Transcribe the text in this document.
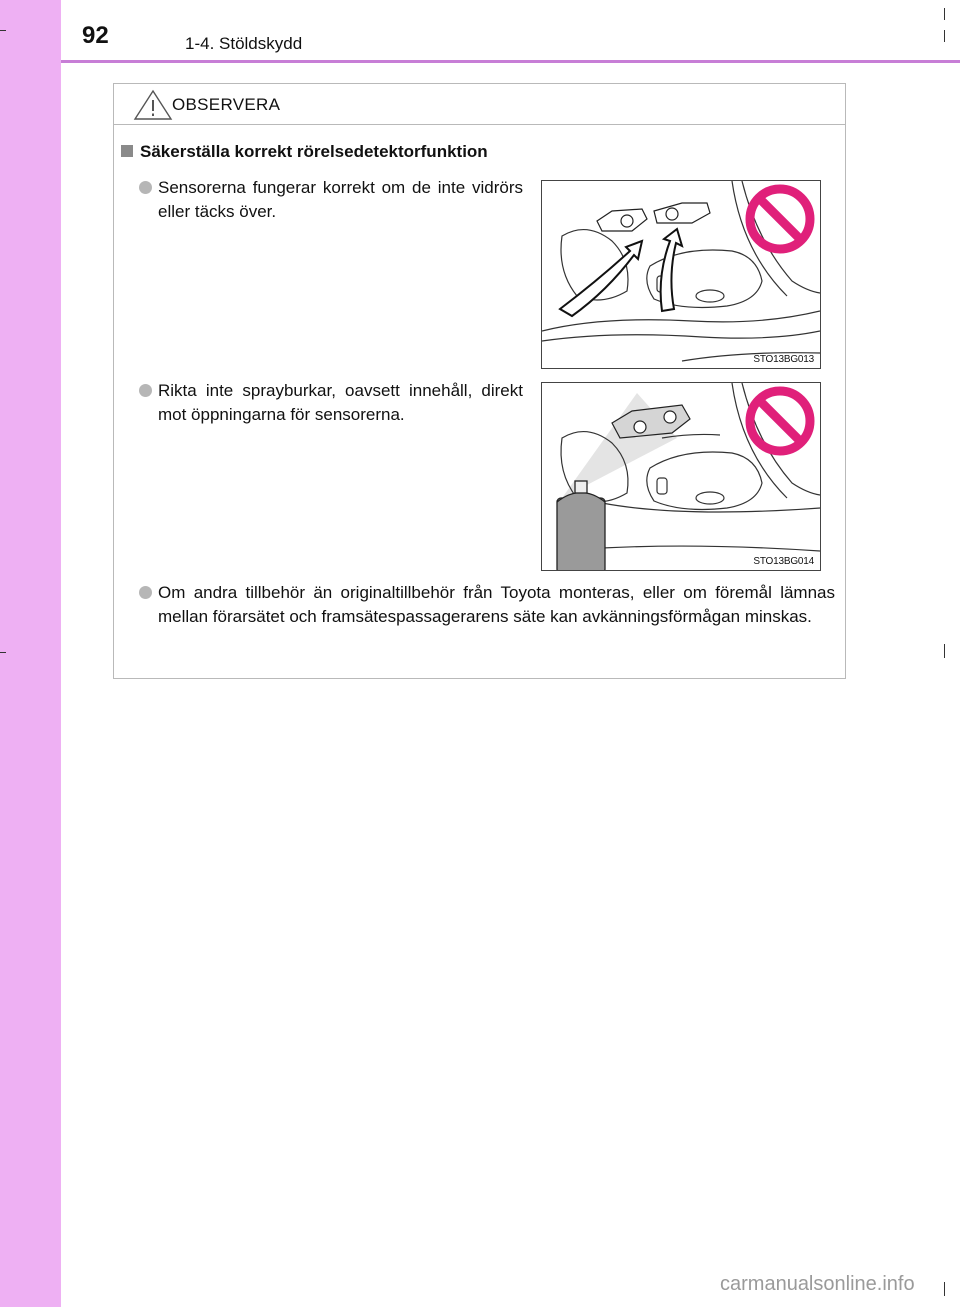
92	1-4. Stöldskydd
OBSERVERA
Säkerställa korrekt rörelsedetektorfunktion
Sensorerna fungerar korrekt om de inte vidrörs eller täcks över.
Rikta inte sprayburkar, oavsett innehåll, direkt mot öppningarna för sensorerna.
Om andra tillbehör än originaltillbehör från Toyota monteras, eller om föremål lämnas mellan förarsätet och framsätespassagerarens säte kan avkänningsförmågan minskas.
STO13BG013
STO13BG014
carmanualsonline.info
